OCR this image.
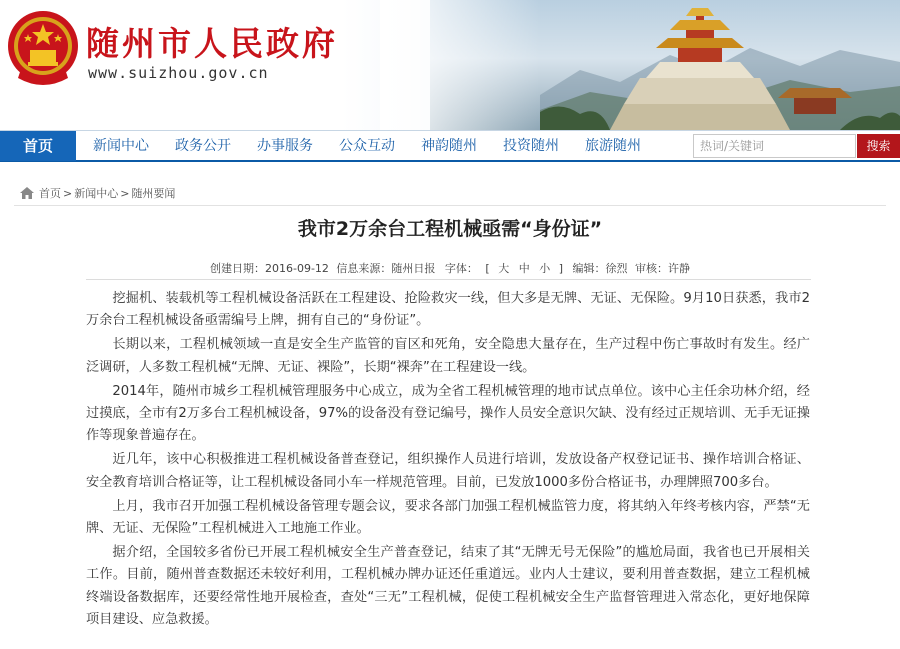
随州市人民政府
www.suizhou.gov.cn
首页	新闻中心	政务公开	办事服务	公众互动	神韵随州	投资随州	旅游随州	热词/关键词	搜索
首页 > 新闻中心 > 随州要闻
我市2万余台工程机械亟需“身份证”
创建日期：2016-09-12 信息来源：随州日报 字体： [ 大 中 小 ] 编辑：徐烈 审核：许静

挖掘机、装载机等工程机械设备活跃在工程建设、抢险救灾一线，但大多是无牌、无证、无保险。9月10日获悉，我市2万余台工程机械设备亟需编号上牌，拥有自己的“身份证”。

长期以来，工程机械领域一直是安全生产监管的盲区和死角，安全隐患大量存在，生产过程中伤亡事故时有发生。经广泛调研，人多数工程机械“无牌、无证、裸险”，长期“裸奔”在工程建设一线。

2014年，随州市城乡工程机械管理服务中心成立，成为全省工程机械管理的地市试点单位。该中心主任余功林介绍，经过摸底，全市有2万多台工程机械设备，97%的设备没有登记编号，操作人员安全意识欠缺、没有经过正规培训、无手无证操作等现象普遍存在。

近几年，该中心积极推进工程机械设备普查登记，组织操作人员进行培训，发放设备产权登记证书、操作培训合格证、安全教育培训合格证等，让工程机械设备同小车一样规范管理。目前，已发放1000多份合格证书，办理牌照700多台。

上月，我市召开加强工程机械设备管理专题会议，要求各部门加强工程机械监管力度，将其纳入年终考核内容，严禁“无牌、无证、无保险”工程机械进入工地施工作业。

据介绍，全国较多省份已开展工程机械安全生产普查登记，结束了其“无牌无号无保险”的尴尬局面，我省也已开展相关工作。目前，随州普查数据还未较好利用，工程机械办牌办证还任重道远。业内人士建议，要利用普查数据，建立工程机械终端设备数据库，还要经常性地开展检查，查处“三无”工程机械，促使工程机械安全生产监督管理进入常态化，更好地保障项目建设、应急救援。
